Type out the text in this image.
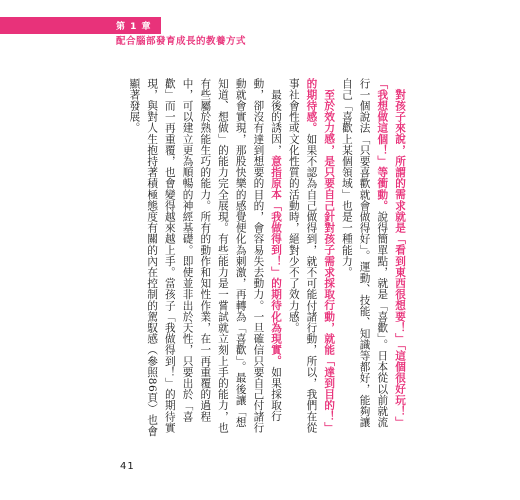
第 1 章
配合腦部發育成長的教養方式

對孩子來說，所謂的需求就是「看到東西很想要！」「這個很好玩！」「我想做這個！」等衝動。說得簡單點，就是「喜歡」。日本從以前就流行一個說法「只要喜歡就會做得好」。運動、技能、知識等都好，能夠讓自己「喜歡上某個領域」也是一種能力。

至於效力感，是只要自己針對孩子需求採取行動，就能「達到目的！」的期待感。如果不認為自己做得到，就不可能付諸行動，所以，我們在從事社會性或文化性質的活動時，絕對少不了效力感。

最後的誘因，意指原本「我做得到！」的期待化為現實。如果採取行動，卻沒有達到想要的目的，會容易失去動力。一旦確信只要自己付諸行動就會實現，那股快樂的感覺便化為刺激，再轉為「喜歡」。最後讓「想知道、想做」的能力完全展現。有些能力是一嘗試就立刻上手的能力，也有些屬於熟能生巧的能力。所有的動作和知性作業，在一再重覆的過程中，可以建立更為順暢的神經基礎。即使並非出於天性，只要出於「喜歡」而一再重覆，也會變得越來越上手。當孩子「我做得到！」的期待實現，與對人生抱持著積極態度有關的內在控制的駕馭感（參照86頁）也會顯著發展。

41
